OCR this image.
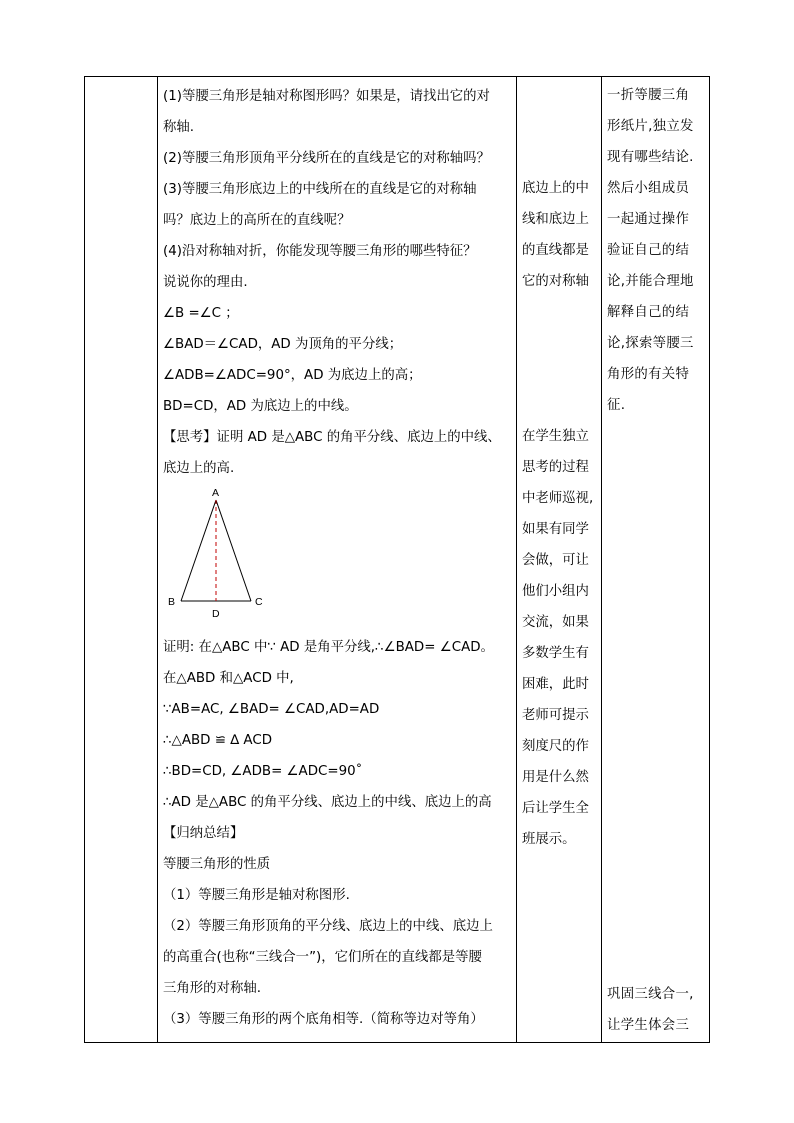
(1)等腰三角形是轴对称图形吗？如果是，请找出它的对

称轴.

(2)等腰三角形顶角平分线所在的直线是它的对称轴吗？

(3)等腰三角形底边上的中线所在的直线是它的对称轴

吗？底边上的高所在的直线呢？

(4)沿对称轴对折，你能发现等腰三角形的哪些特征？

说说你的理由.

∠B =∠C ；

∠BAD＝∠CAD，AD 为顶角的平分线；

∠ADB=∠ADC=90°，AD 为底边上的高；

BD=CD，AD 为底边上的中线。

【思考】证明 AD 是△ABC 的角平分线、底边上的中线、

底边上的高.

A
B	C
D

证明: 在△ABC 中∵ AD 是角平分线,∴∠BAD= ∠CAD。

在△ABD 和△ACD 中,

∵AB=AC, ∠BAD= ∠CAD,AD=AD

∴△ABD ≌ ∆ ACD

∴BD=CD, ∠ADB= ∠ADC=90˚

∴AD 是△ABC 的角平分线、底边上的中线、底边上的高

【归纳总结】

等腰三角形的性质

（1）等腰三角形是轴对称图形.

（2）等腰三角形顶角的平分线、底边上的中线、底边上

的高重合(也称“三线合一”)，它们所在的直线都是等腰

三角形的对称轴.

（3）等腰三角形的两个底角相等.（简称等边对等角）

底边上的中

线和底边上

的直线都是

它的对称轴

在学生独立

思考的过程

中老师巡视,

如果有同学

会做，可让

他们小组内

交流，如果

多数学生有

困难，此时

老师可提示

刻度尺的作

用是什么然

后让学生全

班展示。

一折等腰三角

形纸片,独立发

现有哪些结论.

然后小组成员

一起通过操作

验证自己的结

论,并能合理地

解释自己的结

论,探索等腰三

角形的有关特

征.

巩固三线合一,

让学生体会三
